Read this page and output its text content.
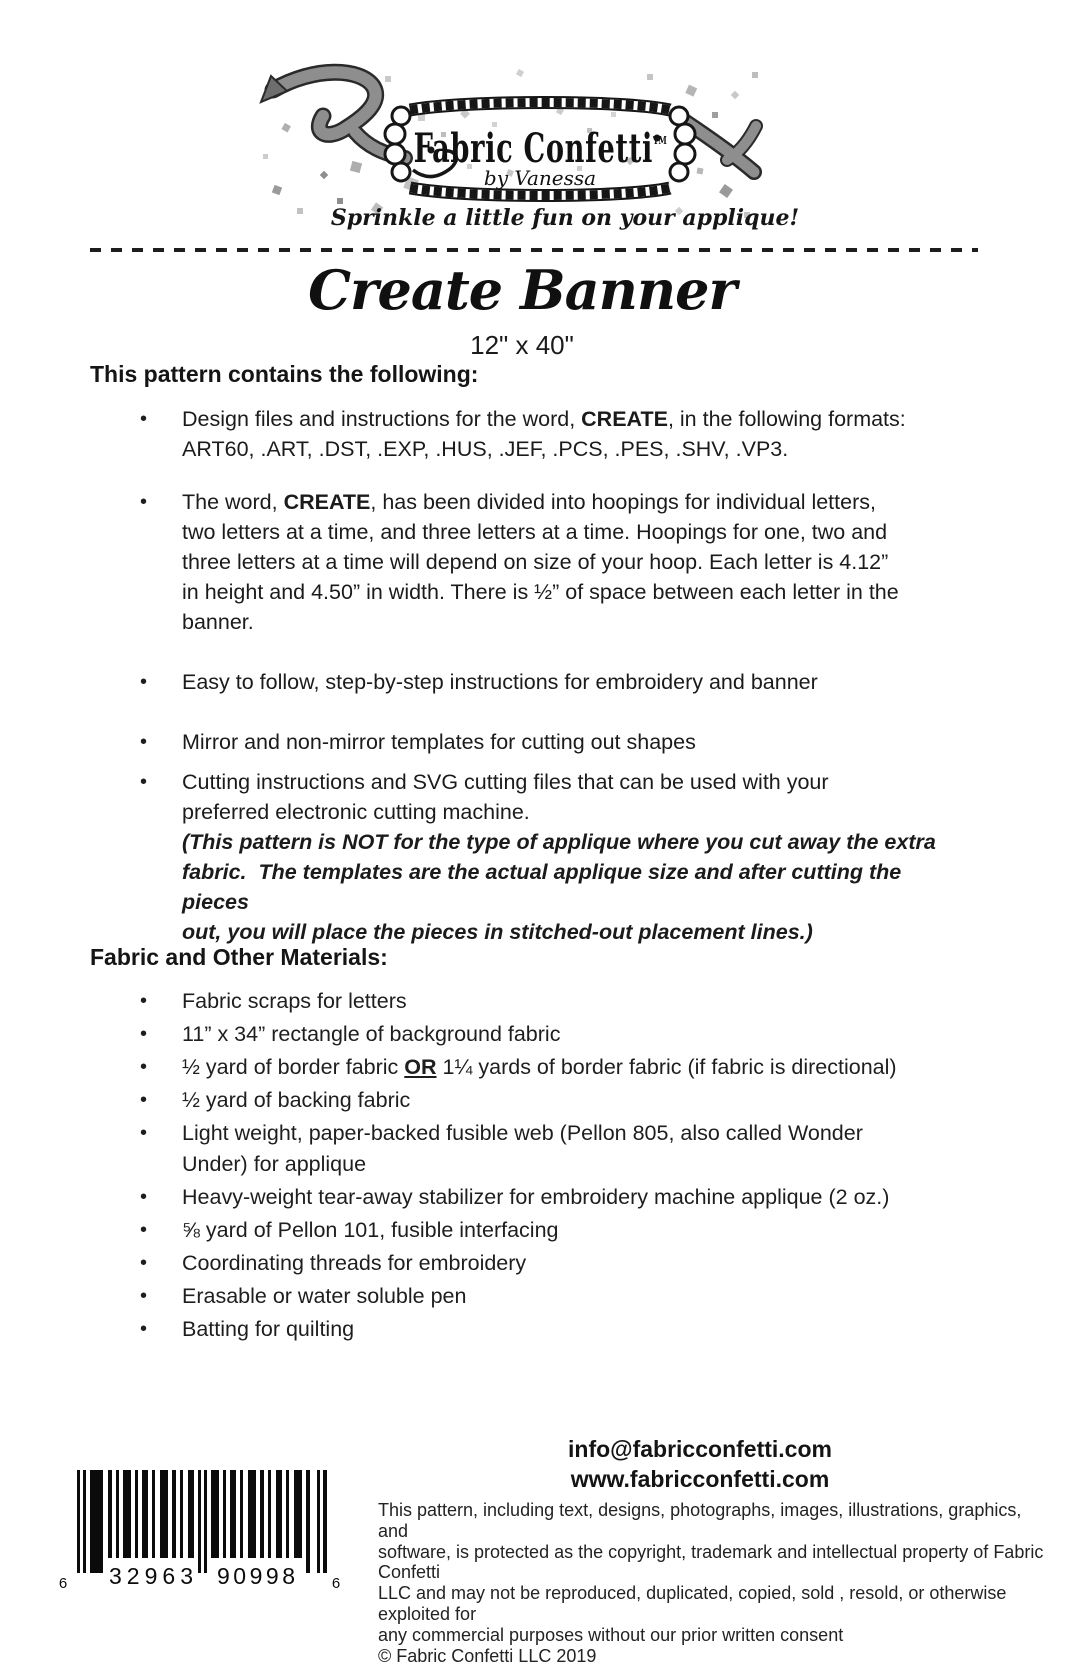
Fabric Confetti™
by Vanessa
Sprinkle a little fun on your applique!
Create Banner
12" x 40"
This pattern contains the following:
•	Design files and instructions for the word, CREATE, in the following formats:
ART60, .ART, .DST, .EXP, .HUS, .JEF, .PCS, .PES, .SHV, .VP3.
•	The word, CREATE, has been divided into hoopings for individual letters,
two letters at a time, and three letters at a time. Hoopings for one, two and
three letters at a time will depend on size of your hoop. Each letter is 4.12”
in height and 4.50” in width. There is ½” of space between each letter in the
banner.
•	Easy to follow, step-by-step instructions for embroidery and banner
•	Mirror and non-mirror templates for cutting out shapes
•	Cutting instructions and SVG cutting files that can be used with your
preferred electronic cutting machine.
(This pattern is NOT for the type of applique where you cut away the extra
fabric.  The templates are the actual applique size and after cutting the pieces
out, you will place the pieces in stitched-out placement lines.)
Fabric and Other Materials:
•	Fabric scraps for letters
•	11” x 34” rectangle of background fabric
•	½ yard of border fabric OR 1¼ yards of border fabric (if fabric is directional)
•	½ yard of backing fabric
•	Light weight, paper-backed fusible web (Pellon 805, also called Wonder
Under) for applique
•	Heavy-weight tear-away stabilizer for embroidery machine applique (2 oz.)
•	⅝ yard of Pellon 101, fusible interfacing
•	Coordinating threads for embroidery
•	Erasable or water soluble pen
•	Batting for quilting
info@fabricconfetti.com
www.fabricconfetti.com
This pattern, including text, designs, photographs, images, illustrations, graphics, and
software, is protected as the copyright, trademark and intellectual property of Fabric Confetti
LLC and may not be reproduced, duplicated, copied, sold , resold, or otherwise exploited for
any commercial purposes without our prior written consent
© Fabric Confetti LLC 2019
6 32963 90998 6
